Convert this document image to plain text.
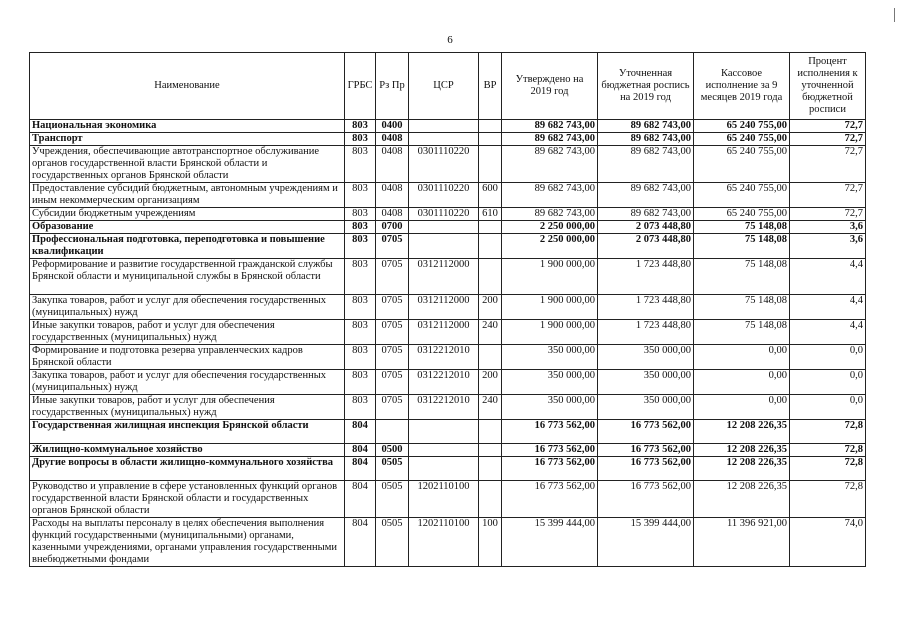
6
Наименование	ГРБС	Рз Пр	ЦСР	ВР	Утверждено на 2019 год	Уточненная бюджетная роспись на 2019 год	Кассовое исполнение за 9 месяцев 2019 года	Процент исполнения к уточненной бюджетной росписи
Национальная экономика	803	0400			89 682 743,00	89 682 743,00	65 240 755,00	72,7
Транспорт	803	0408			89 682 743,00	89 682 743,00	65 240 755,00	72,7
Учреждения, обеспечивающие автотранспортное обслуживание органов государственной власти Брянской области и государственных органов Брянской области	803	0408	0301110220		89 682 743,00	89 682 743,00	65 240 755,00	72,7
Предоставление субсидий бюджетным, автономным учреждениям и иным некоммерческим организациям	803	0408	0301110220	600	89 682 743,00	89 682 743,00	65 240 755,00	72,7
Субсидии бюджетным учреждениям	803	0408	0301110220	610	89 682 743,00	89 682 743,00	65 240 755,00	72,7
Образование	803	0700			2 250 000,00	2 073 448,80	75 148,08	3,6
Профессиональная подготовка, переподготовка и повышение квалификации	803	0705			2 250 000,00	2 073 448,80	75 148,08	3,6
Реформирование и развитие государственной гражданской службы Брянской области и муниципальной службы в Брянской области	803	0705	0312112000		1 900 000,00	1 723 448,80	75 148,08	4,4
Закупка товаров, работ и услуг для обеспечения государственных (муниципальных) нужд	803	0705	0312112000	200	1 900 000,00	1 723 448,80	75 148,08	4,4
Иные закупки товаров, работ и услуг для обеспечения государственных (муниципальных) нужд	803	0705	0312112000	240	1 900 000,00	1 723 448,80	75 148,08	4,4
Формирование и подготовка резерва управленческих кадров Брянской области	803	0705	0312212010		350 000,00	350 000,00	0,00	0,0
Закупка товаров, работ и услуг для обеспечения государственных (муниципальных) нужд	803	0705	0312212010	200	350 000,00	350 000,00	0,00	0,0
Иные закупки товаров, работ и услуг для обеспечения государственных (муниципальных) нужд	803	0705	0312212010	240	350 000,00	350 000,00	0,00	0,0
Государственная жилищная инспекция Брянской области	804				16 773 562,00	16 773 562,00	12 208 226,35	72,8
Жилищно-коммунальное хозяйство	804	0500			16 773 562,00	16 773 562,00	12 208 226,35	72,8
Другие вопросы в области жилищно-коммунального хозяйства	804	0505			16 773 562,00	16 773 562,00	12 208 226,35	72,8
Руководство и управление в сфере установленных функций органов государственной власти Брянской области и государственных органов Брянской области	804	0505	1202110100		16 773 562,00	16 773 562,00	12 208 226,35	72,8
Расходы на выплаты персоналу в целях обеспечения выполнения функций государственными (муниципальными) органами, казенными учреждениями, органами управления государственными внебюджетными фондами	804	0505	1202110100	100	15 399 444,00	15 399 444,00	11 396 921,00	74,0
